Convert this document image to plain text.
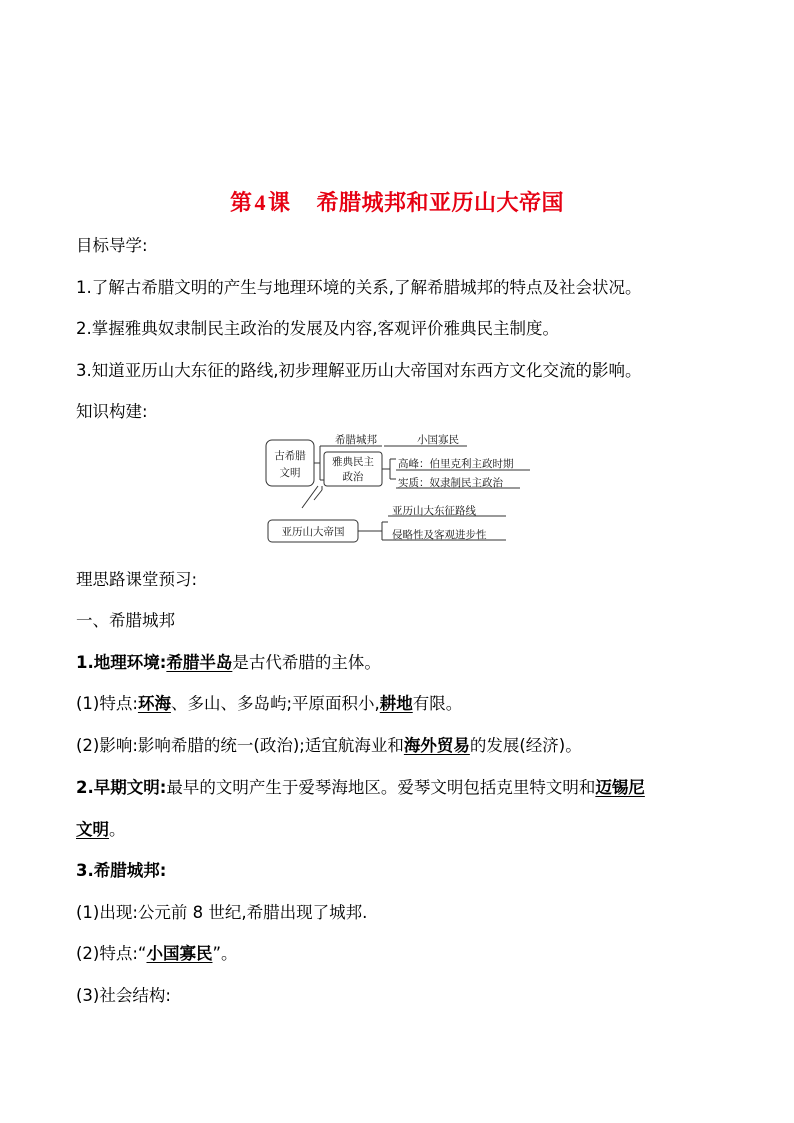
第4课 希腊城邦和亚历山大帝国
目标导学:
1.了解古希腊文明的产生与地理环境的关系,了解希腊城邦的特点及社会状况。
2.掌握雅典奴隶制民主政治的发展及内容,客观评价雅典民主制度。
3.知道亚历山大东征的路线,初步理解亚历山大帝国对东西方文化交流的影响。
知识构建:
古希腊
文明
希腊城邦	小国寡民
雅典民主
政治
高峰：伯里克利主政时期
实质：奴隶制民主政治
亚历山大帝国
亚历山大东征路线
侵略性及客观进步性
理思路课堂预习:
一、希腊城邦
1.地理环境:希腊半岛是古代希腊的主体。
(1)特点:环海、多山、多岛屿;平原面积小,耕地有限。
(2)影响:影响希腊的统一(政治);适宜航海业和海外贸易的发展(经济)。
2.早期文明:最早的文明产生于爱琴海地区。爱琴文明包括克里特文明和迈锡尼
文明。
3.希腊城邦:
(1)出现:公元前 8 世纪,希腊出现了城邦.
(2)特点:“小国寡民”。
(3)社会结构:
